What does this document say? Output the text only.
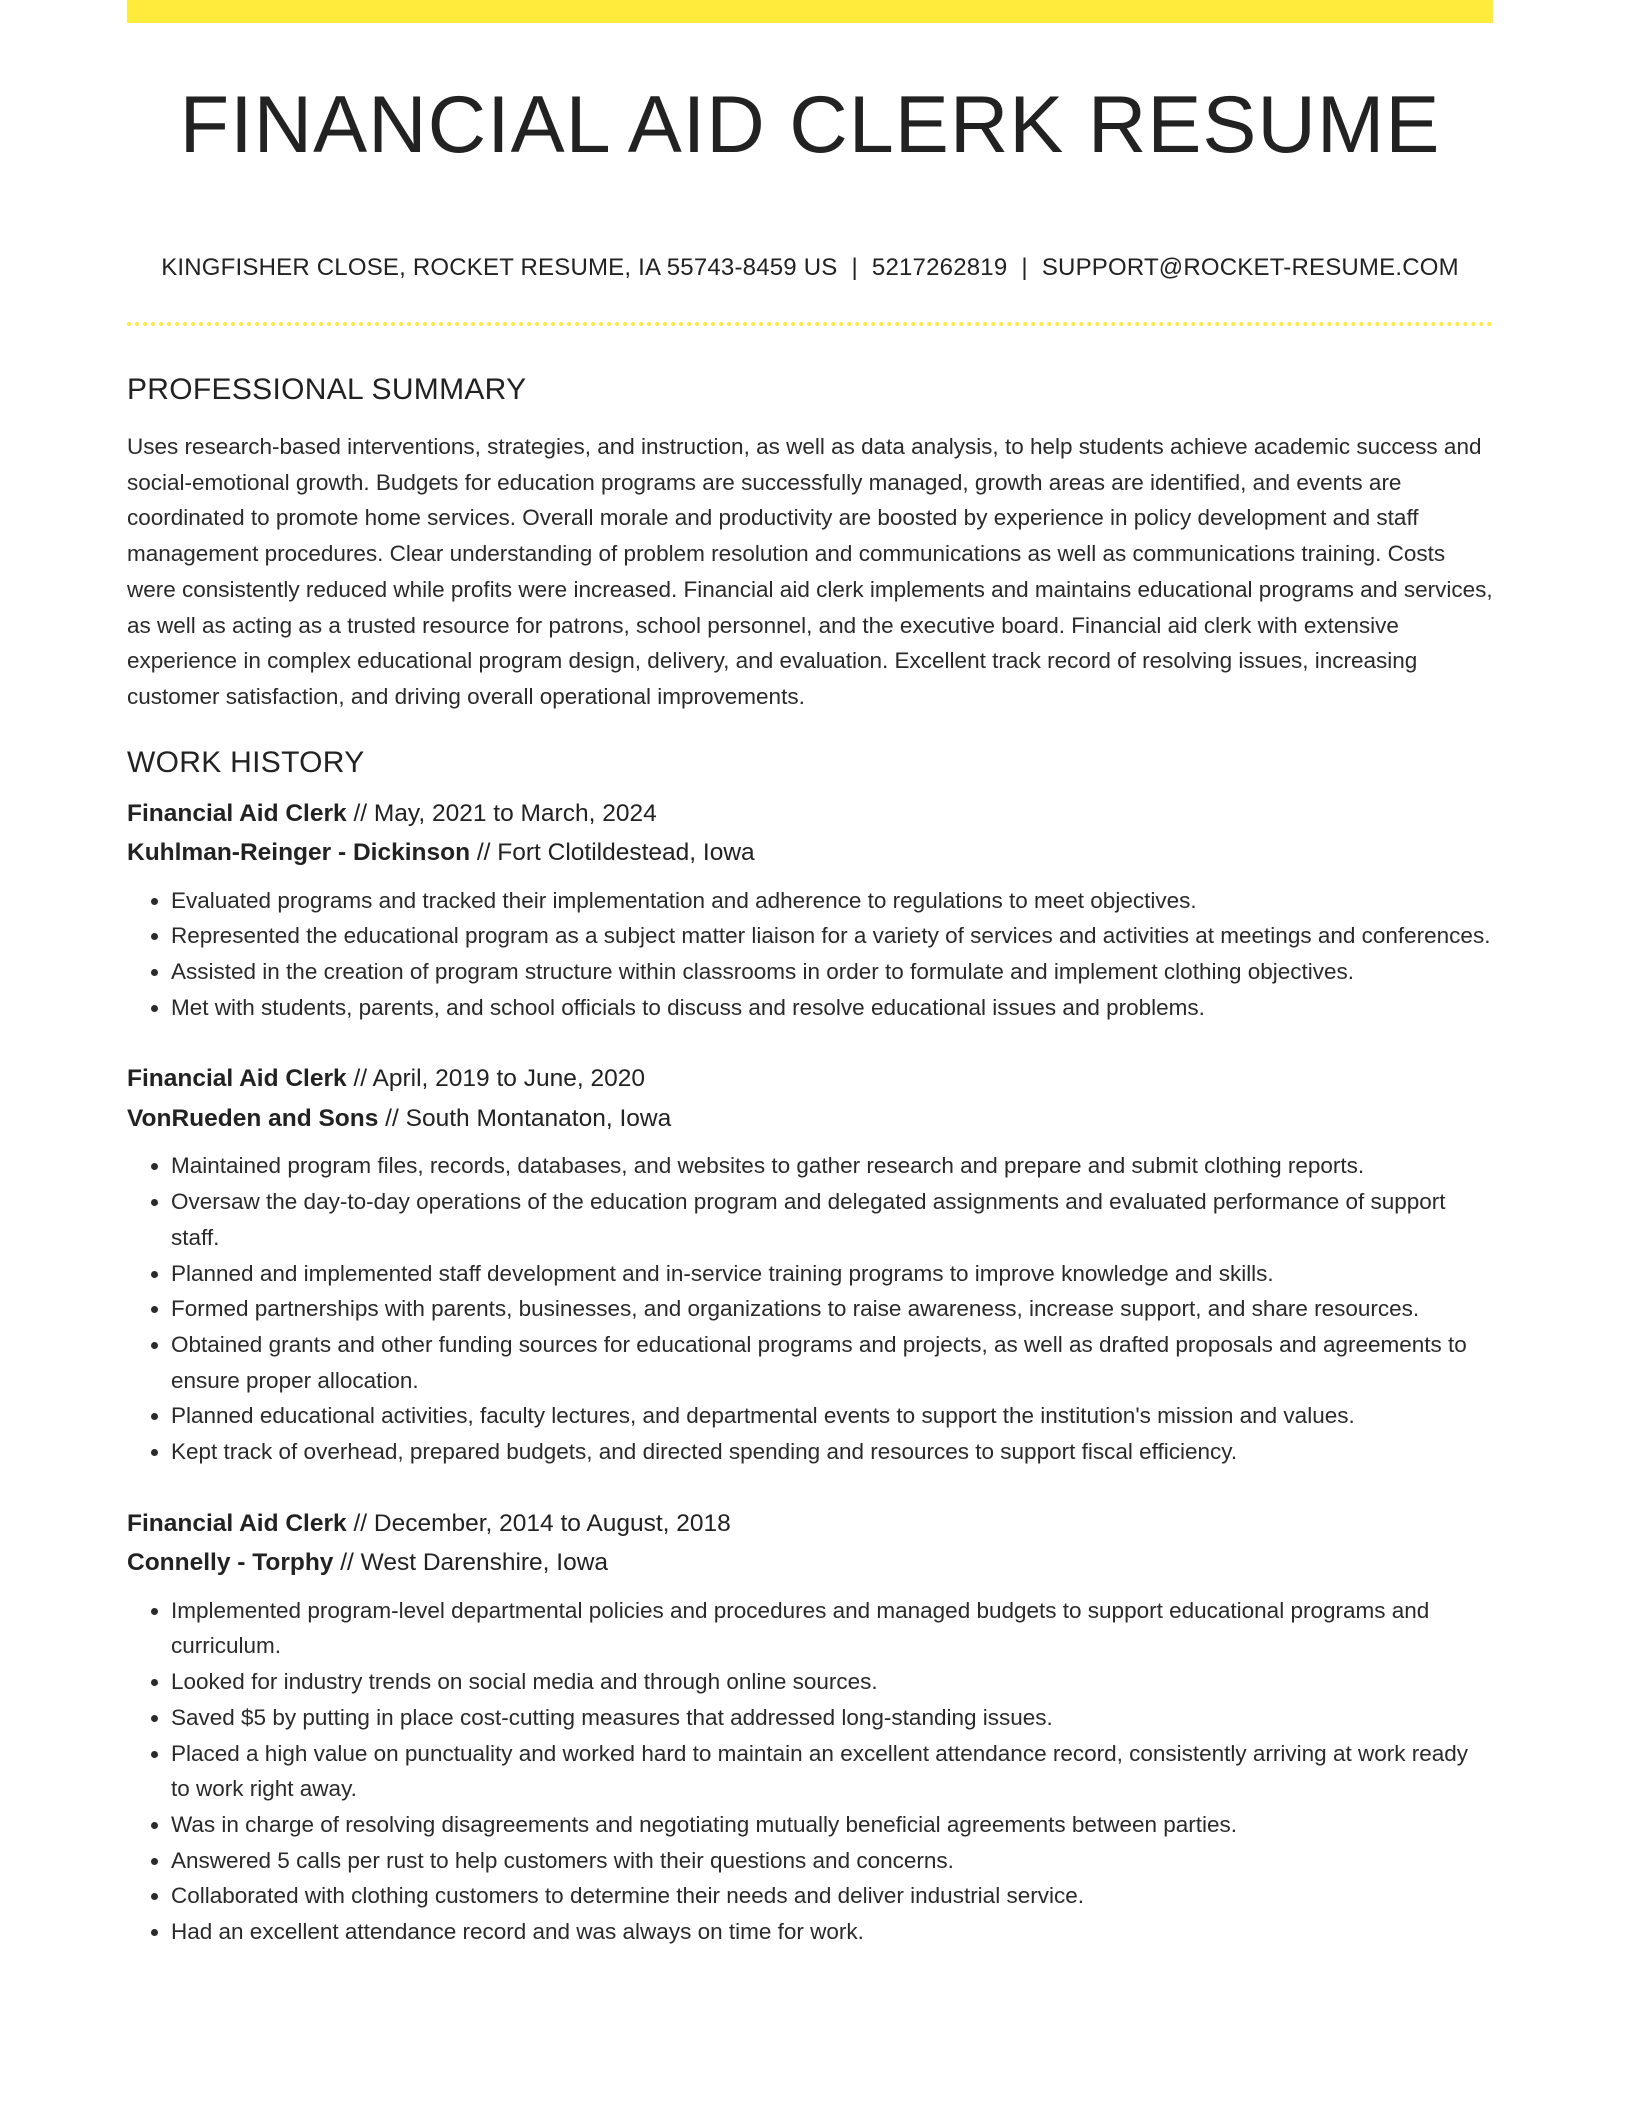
FINANCIAL AID CLERK RESUME
KINGFISHER CLOSE, ROCKET RESUME, IA 55743-8459 US | 5217262819 | SUPPORT@ROCKET-RESUME.COM
PROFESSIONAL SUMMARY

Uses research-based interventions, strategies, and instruction, as well as data analysis, to help students achieve academic success and social-emotional growth. Budgets for education programs are successfully managed, growth areas are identified, and events are coordinated to promote home services. Overall morale and productivity are boosted by experience in policy development and staff management procedures. Clear understanding of problem resolution and communications as well as communications training. Costs were consistently reduced while profits were increased. Financial aid clerk implements and maintains educational programs and services, as well as acting as a trusted resource for patrons, school personnel, and the executive board. Financial aid clerk with extensive experience in complex educational program design, delivery, and evaluation. Excellent track record of resolving issues, increasing customer satisfaction, and driving overall operational improvements.

WORK HISTORY
Financial Aid Clerk // May, 2021 to March, 2024
Kuhlman-Reinger - Dickinson // Fort Clotildestead, Iowa
• Evaluated programs and tracked their implementation and adherence to regulations to meet objectives.
• Represented the educational program as a subject matter liaison for a variety of services and activities at meetings and conferences.
• Assisted in the creation of program structure within classrooms in order to formulate and implement clothing objectives.
• Met with students, parents, and school officials to discuss and resolve educational issues and problems.
Financial Aid Clerk // April, 2019 to June, 2020
VonRueden and Sons // South Montanaton, Iowa
• Maintained program files, records, databases, and websites to gather research and prepare and submit clothing reports.
• Oversaw the day-to-day operations of the education program and delegated assignments and evaluated performance of support staff.
• Planned and implemented staff development and in-service training programs to improve knowledge and skills.
• Formed partnerships with parents, businesses, and organizations to raise awareness, increase support, and share resources.
• Obtained grants and other funding sources for educational programs and projects, as well as drafted proposals and agreements to ensure proper allocation.
• Planned educational activities, faculty lectures, and departmental events to support the institution's mission and values.
• Kept track of overhead, prepared budgets, and directed spending and resources to support fiscal efficiency.
Financial Aid Clerk // December, 2014 to August, 2018
Connelly - Torphy // West Darenshire, Iowa
• Implemented program-level departmental policies and procedures and managed budgets to support educational programs and curriculum.
• Looked for industry trends on social media and through online sources.
• Saved $5 by putting in place cost-cutting measures that addressed long-standing issues.
• Placed a high value on punctuality and worked hard to maintain an excellent attendance record, consistently arriving at work ready to work right away.
• Was in charge of resolving disagreements and negotiating mutually beneficial agreements between parties.
• Answered 5 calls per rust to help customers with their questions and concerns.
• Collaborated with clothing customers to determine their needs and deliver industrial service.
• Had an excellent attendance record and was always on time for work.
